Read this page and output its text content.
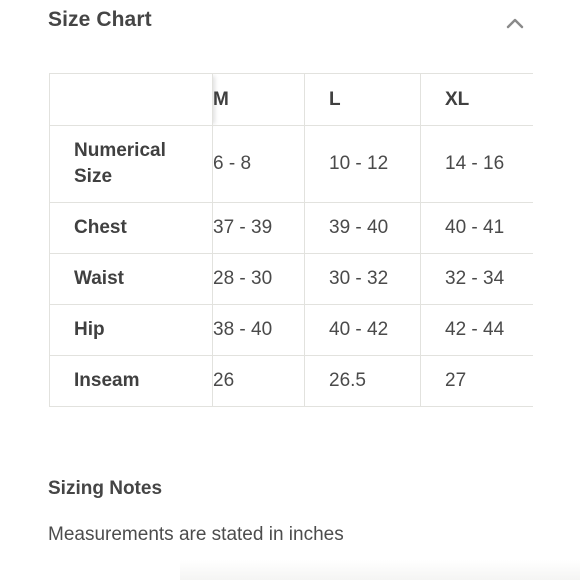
Size Chart
	M	L	XL

Numerical Size	6 - 8	10 - 12	14 - 16
Chest	37 - 39	39 - 40	40 - 41
Waist	28 - 30	30 - 32	32 - 34
Hip	38 - 40	40 - 42	42 - 44
Inseam	26	26.5	27
Sizing Notes
Measurements are stated in inches
